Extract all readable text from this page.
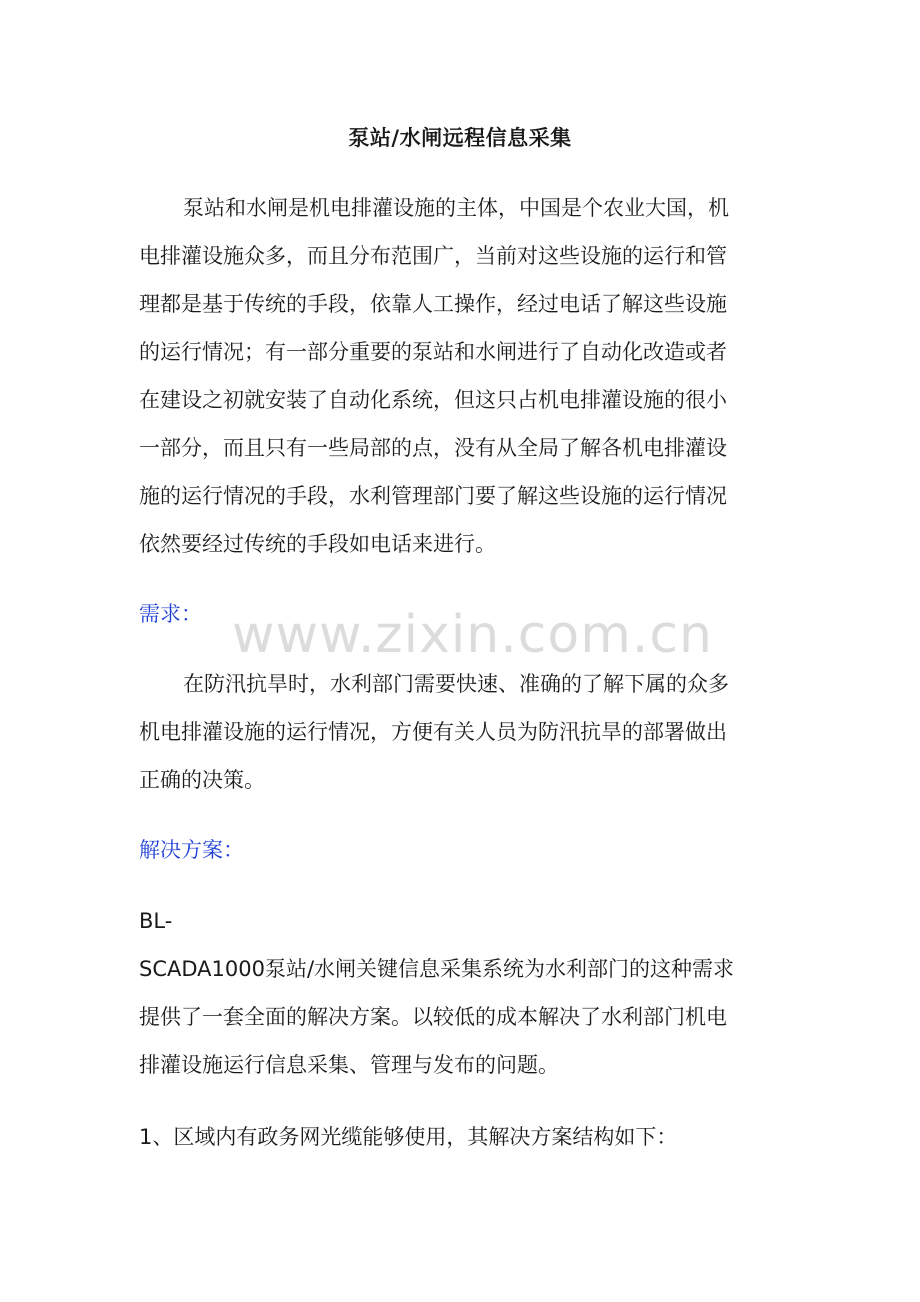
泵站/水闸远程信息采集
泵站和水闸是机电排灌设施的主体，中国是个农业大国，机
电排灌设施众多，而且分布范围广，当前对这些设施的运行和管
理都是基于传统的手段，依靠人工操作，经过电话了解这些设施
的运行情况；有一部分重要的泵站和水闸进行了自动化改造或者
在建设之初就安装了自动化系统，但这只占机电排灌设施的很小
一部分，而且只有一些局部的点，没有从全局了解各机电排灌设
施的运行情况的手段，水利管理部门要了解这些设施的运行情况
依然要经过传统的手段如电话来进行。
需求： www.zixin.com.cn
在防汛抗旱时，水利部门需要快速、准确的了解下属的众多
机电排灌设施的运行情况，方便有关人员为防汛抗旱的部署做出
正确的决策。
解决方案：
BL-
SCADA1000泵站/水闸关键信息采集系统为水利部门的这种需求
提供了一套全面的解决方案。以较低的成本解决了水利部门机电
排灌设施运行信息采集、管理与发布的问题。
1、区域内有政务网光缆能够使用，其解决方案结构如下：
